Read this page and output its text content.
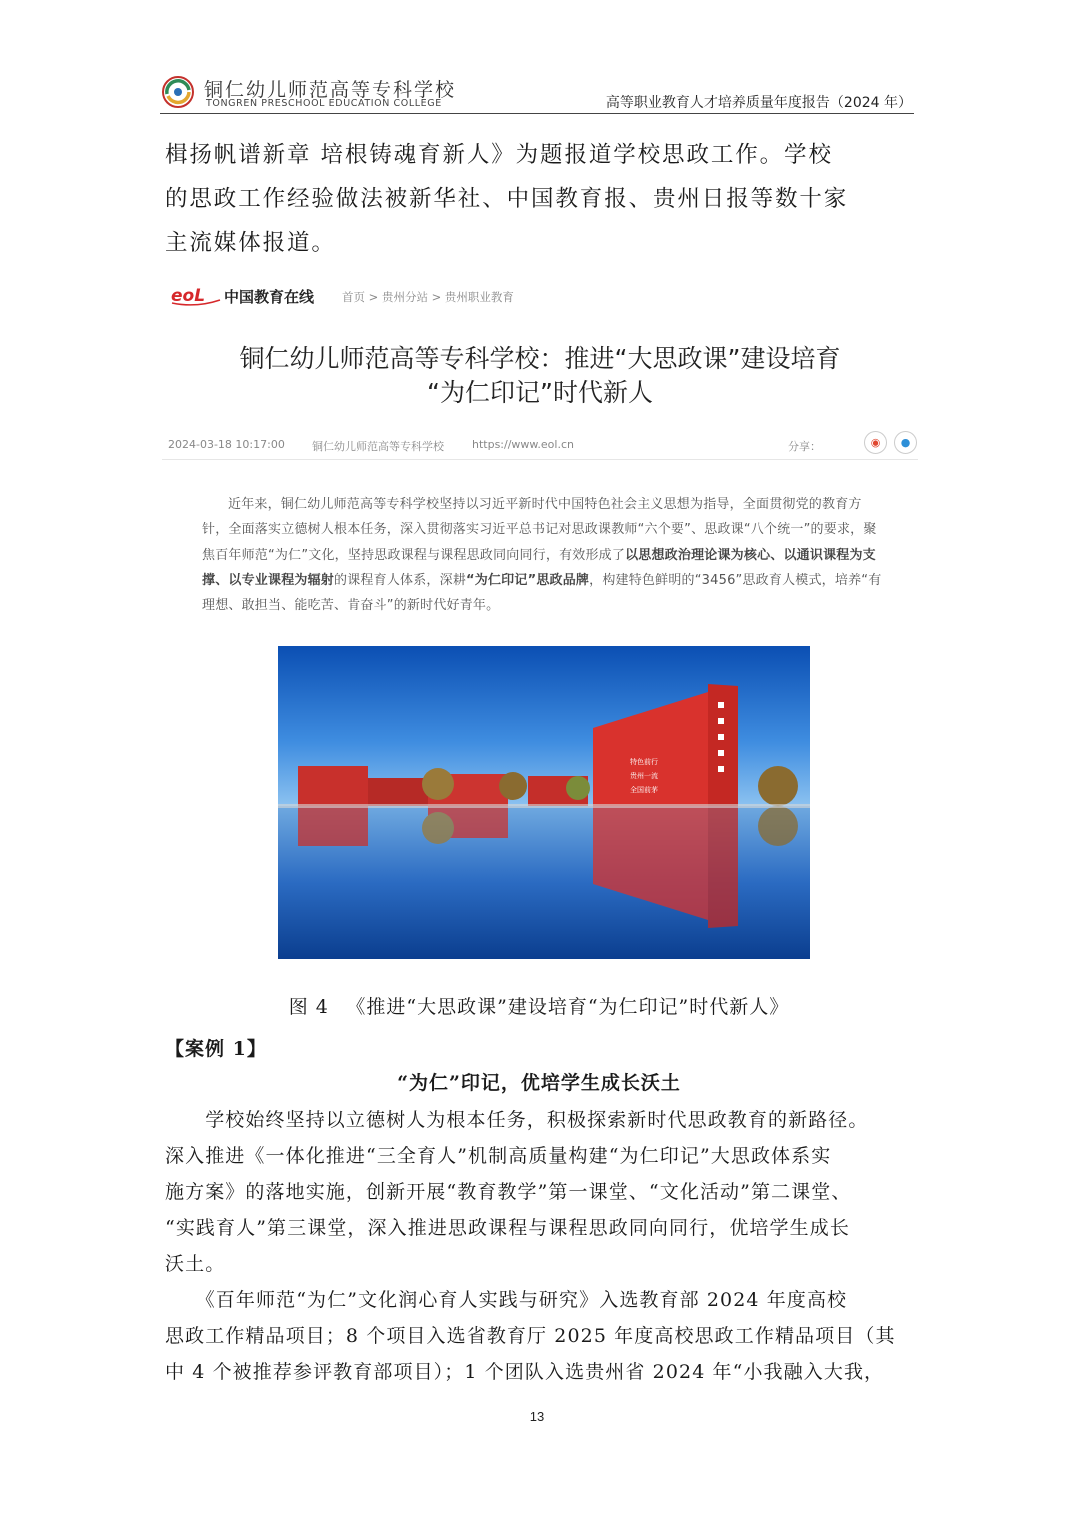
铜仁幼儿师范高等专科学校
TONGREN PRESCHOOL EDUCATION COLLEGE	高等职业教育人才培养质量年度报告（2024 年）
楫扬帆谱新章 培根铸魂育新人》为题报道学校思政工作。学校
的思政工作经验做法被新华社、中国教育报、贵州日报等数十家
主流媒体报道。
eoL 中国教育在线 首页 > 贵州分站 > 贵州职业教育
铜仁幼儿师范高等专科学校：推进“大思政课”建设培育
“为仁印记”时代新人
2024-03-18 10:17:00 铜仁幼儿师范高等专科学校	https://www.eol.cn	分享：	◉	●
近年来，铜仁幼儿师范高等专科学校坚持以习近平新时代中国特色社会主义思想为指导，全面贯彻党的教育方针，全面落实立德树人根本任务，深入贯彻落实习近平总书记对思政课教师“六个要”、思政课“八个统一”的要求，聚焦百年师范“为仁”文化，坚持思政课程与课程思政同向同行，有效形成了以思想政治理论课为核心、以通识课程为支撑、以专业课程为辐射的课程育人体系，深耕“为仁印记”思政品牌，构建特色鲜明的“3456”思政育人模式，培养“有理想、敢担当、能吃苦、肯奋斗”的新时代好青年。
特色前行
贵州一流
全国前茅
图 4 　《推进“大思政课”建设培育“为仁印记”时代新人》
【案例 1】
“为仁”印记，优培学生成长沃土
　　学校始终坚持以立德树人为根本任务，积极探索新时代思政教育的新路径。
深入推进《一体化推进“三全育人”机制高质量构建“为仁印记”大思政体系实
施方案》的落地实施，创新开展“教育教学”第一课堂、“文化活动”第二课堂、
“实践育人”第三课堂，深入推进思政课程与课程思政同向同行，优培学生成长
沃土。
　　《百年师范“为仁”文化润心育人实践与研究》入选教育部 2024 年度高校
思政工作精品项目；8 个项目入选省教育厅 2025 年度高校思政工作精品项目（其
中 4 个被推荐参评教育部项目）；1 个团队入选贵州省 2024 年“小我融入大我，
13
